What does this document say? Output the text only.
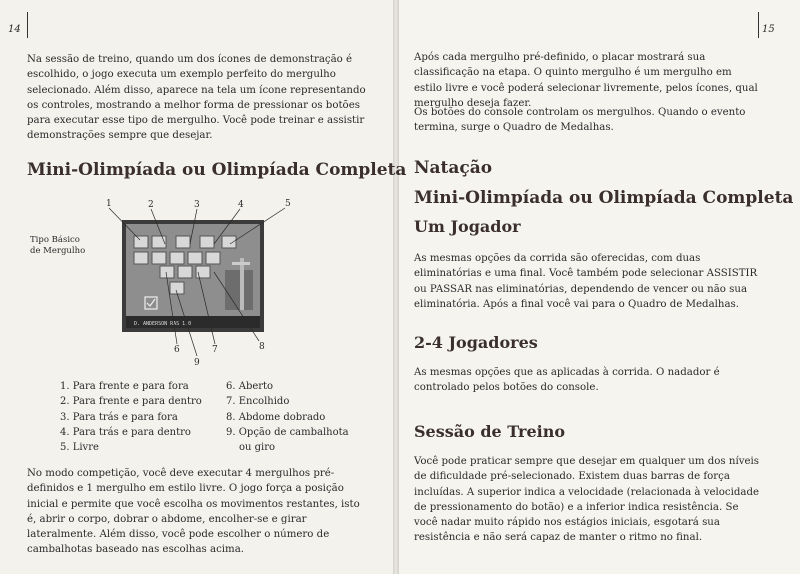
14

Na sessão de treino, quando um dos ícones de demonstração é escolhido, o jogo executa um exemplo perfeito do mergulho selecionado. Além disso, aparece na tela um ícone representando os controles, mostrando a melhor forma de pressionar os botões para executar esse tipo de mergulho. Você pode treinar e assistir demonstrações sempre que desejar.

Mini-Olimpíada ou Olimpíada Completa
Tipo Básico de Mergulho
D. ANDERSON RAS 1.0
1	2	3	4	5
6
9
7	8
1. Para frente e para fora
2. Para frente e para dentro
3. Para trás e para fora
4. Para trás e para dentro
5. Livre
6. Aberto
7. Encolhido
8. Abdome dobrado
9. Opção de cambalhota
ou giro

No modo competição, você deve executar 4 mergulhos pré-definidos e 1 mergulho em estilo livre. O jogo força a posição inicial e permite que você escolha os movimentos restantes, isto é, abrir o corpo, dobrar o abdome, encolher-se e girar lateralmente. Além disso, você pode escolher o número de cambalhotas baseado nas escolhas acima.

15

Após cada mergulho pré-definido, o placar mostrará sua classificação na etapa. O quinto mergulho é um mergulho em estilo livre e você poderá selecionar livremente, pelos ícones, qual mergulho deseja fazer.

Os botões do console controlam os mergulhos. Quando o evento termina, surge o Quadro de Medalhas.

Natação
Mini-Olimpíada ou Olimpíada Completa
Um Jogador

As mesmas opções da corrida são oferecidas, com duas eliminatórias e uma final. Você também pode selecionar ASSISTIR ou PASSAR nas eliminatórias, dependendo de vencer ou não sua eliminatória. Após a final você vai para o Quadro de Medalhas.

2-4 Jogadores

As mesmas opções que as aplicadas à corrida. O nadador é controlado pelos botões do console.

Sessão de Treino

Você pode praticar sempre que desejar em qualquer um dos níveis de dificuldade pré-selecionado. Existem duas barras de força incluídas. A superior indica a velocidade (relacionada à velocidade de pressionamento do botão) e a inferior indica resistência. Se você nadar muito rápido nos estágios iniciais, esgotará sua resistência e não será capaz de manter o ritmo no final.
